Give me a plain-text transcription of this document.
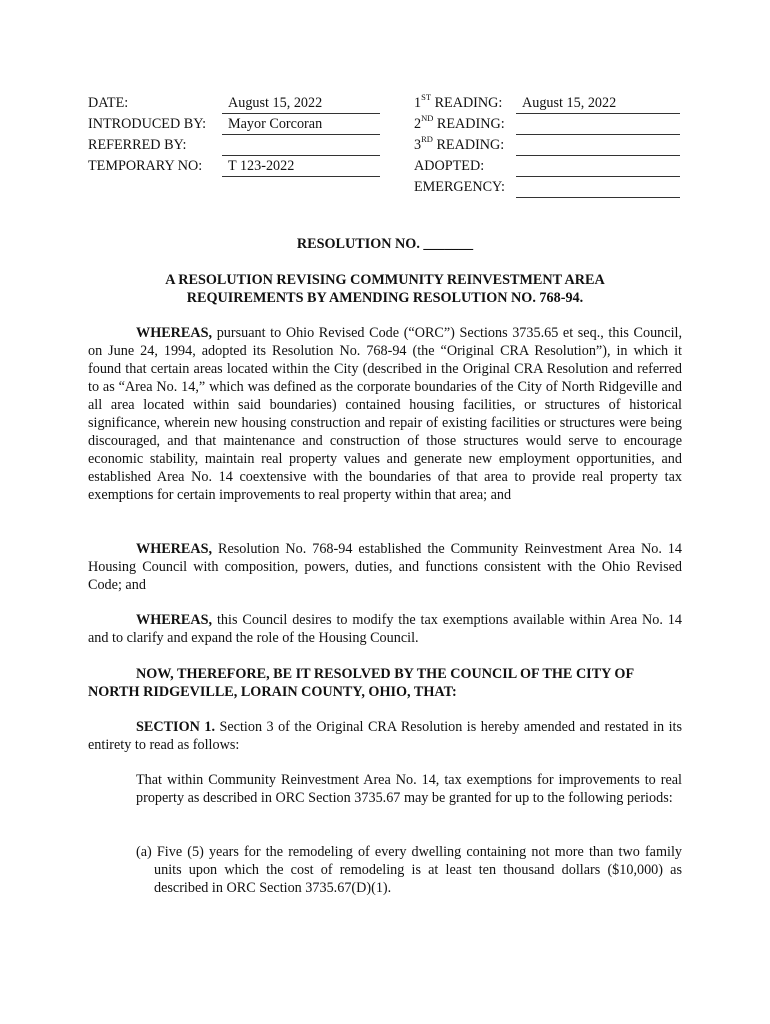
DATE:	August 15, 2022
INTRODUCED BY:	Mayor Corcoran
REFERRED BY:
TEMPORARY NO:	T 123-2022
1ST READING:	August 15, 2022
2ND READING:
3RD READING:
ADOPTED:
EMERGENCY:
RESOLUTION NO. _______
A RESOLUTION REVISING COMMUNITY REINVESTMENT AREA
REQUIREMENTS BY AMENDING RESOLUTION NO. 768-94.
WHEREAS, pursuant to Ohio Revised Code (“ORC”) Sections 3735.65 et seq., this Council, on June 24, 1994, adopted its Resolution No. 768-94 (the “Original CRA Resolution”), in which it found that certain areas located within the City (described in the Original CRA Resolution and referred to as “Area No. 14,” which was defined as the corporate boundaries of the City of North Ridgeville and all area located within said boundaries) contained housing facilities, or structures of historical significance, wherein new housing construction and repair of existing facilities or structures were being discouraged, and that maintenance and construction of those structures would serve to encourage economic stability, maintain real property values and generate new employment opportunities, and established Area No. 14 coextensive with the boundaries of that area to provide real property tax exemptions for certain improvements to real property within that area; and
WHEREAS, Resolution No. 768-94 established the Community Reinvestment Area No. 14 Housing Council with composition, powers, duties, and functions consistent with the Ohio Revised Code; and
WHEREAS, this Council desires to modify the tax exemptions available within Area No. 14 and to clarify and expand the role of the Housing Council.
NOW, THEREFORE, BE IT RESOLVED BY THE COUNCIL OF THE CITY OF
NORTH RIDGEVILLE, LORAIN COUNTY, OHIO, THAT:
SECTION 1. Section 3 of the Original CRA Resolution is hereby amended and restated in its entirety to read as follows:
That within Community Reinvestment Area No. 14, tax exemptions for improvements to real property as described in ORC Section 3735.67 may be granted for up to the following periods:
(a) Five (5) years for the remodeling of every dwelling containing not more than two family units upon which the cost of remodeling is at least ten thousand dollars ($10,000) as described in ORC Section 3735.67(D)(1).
